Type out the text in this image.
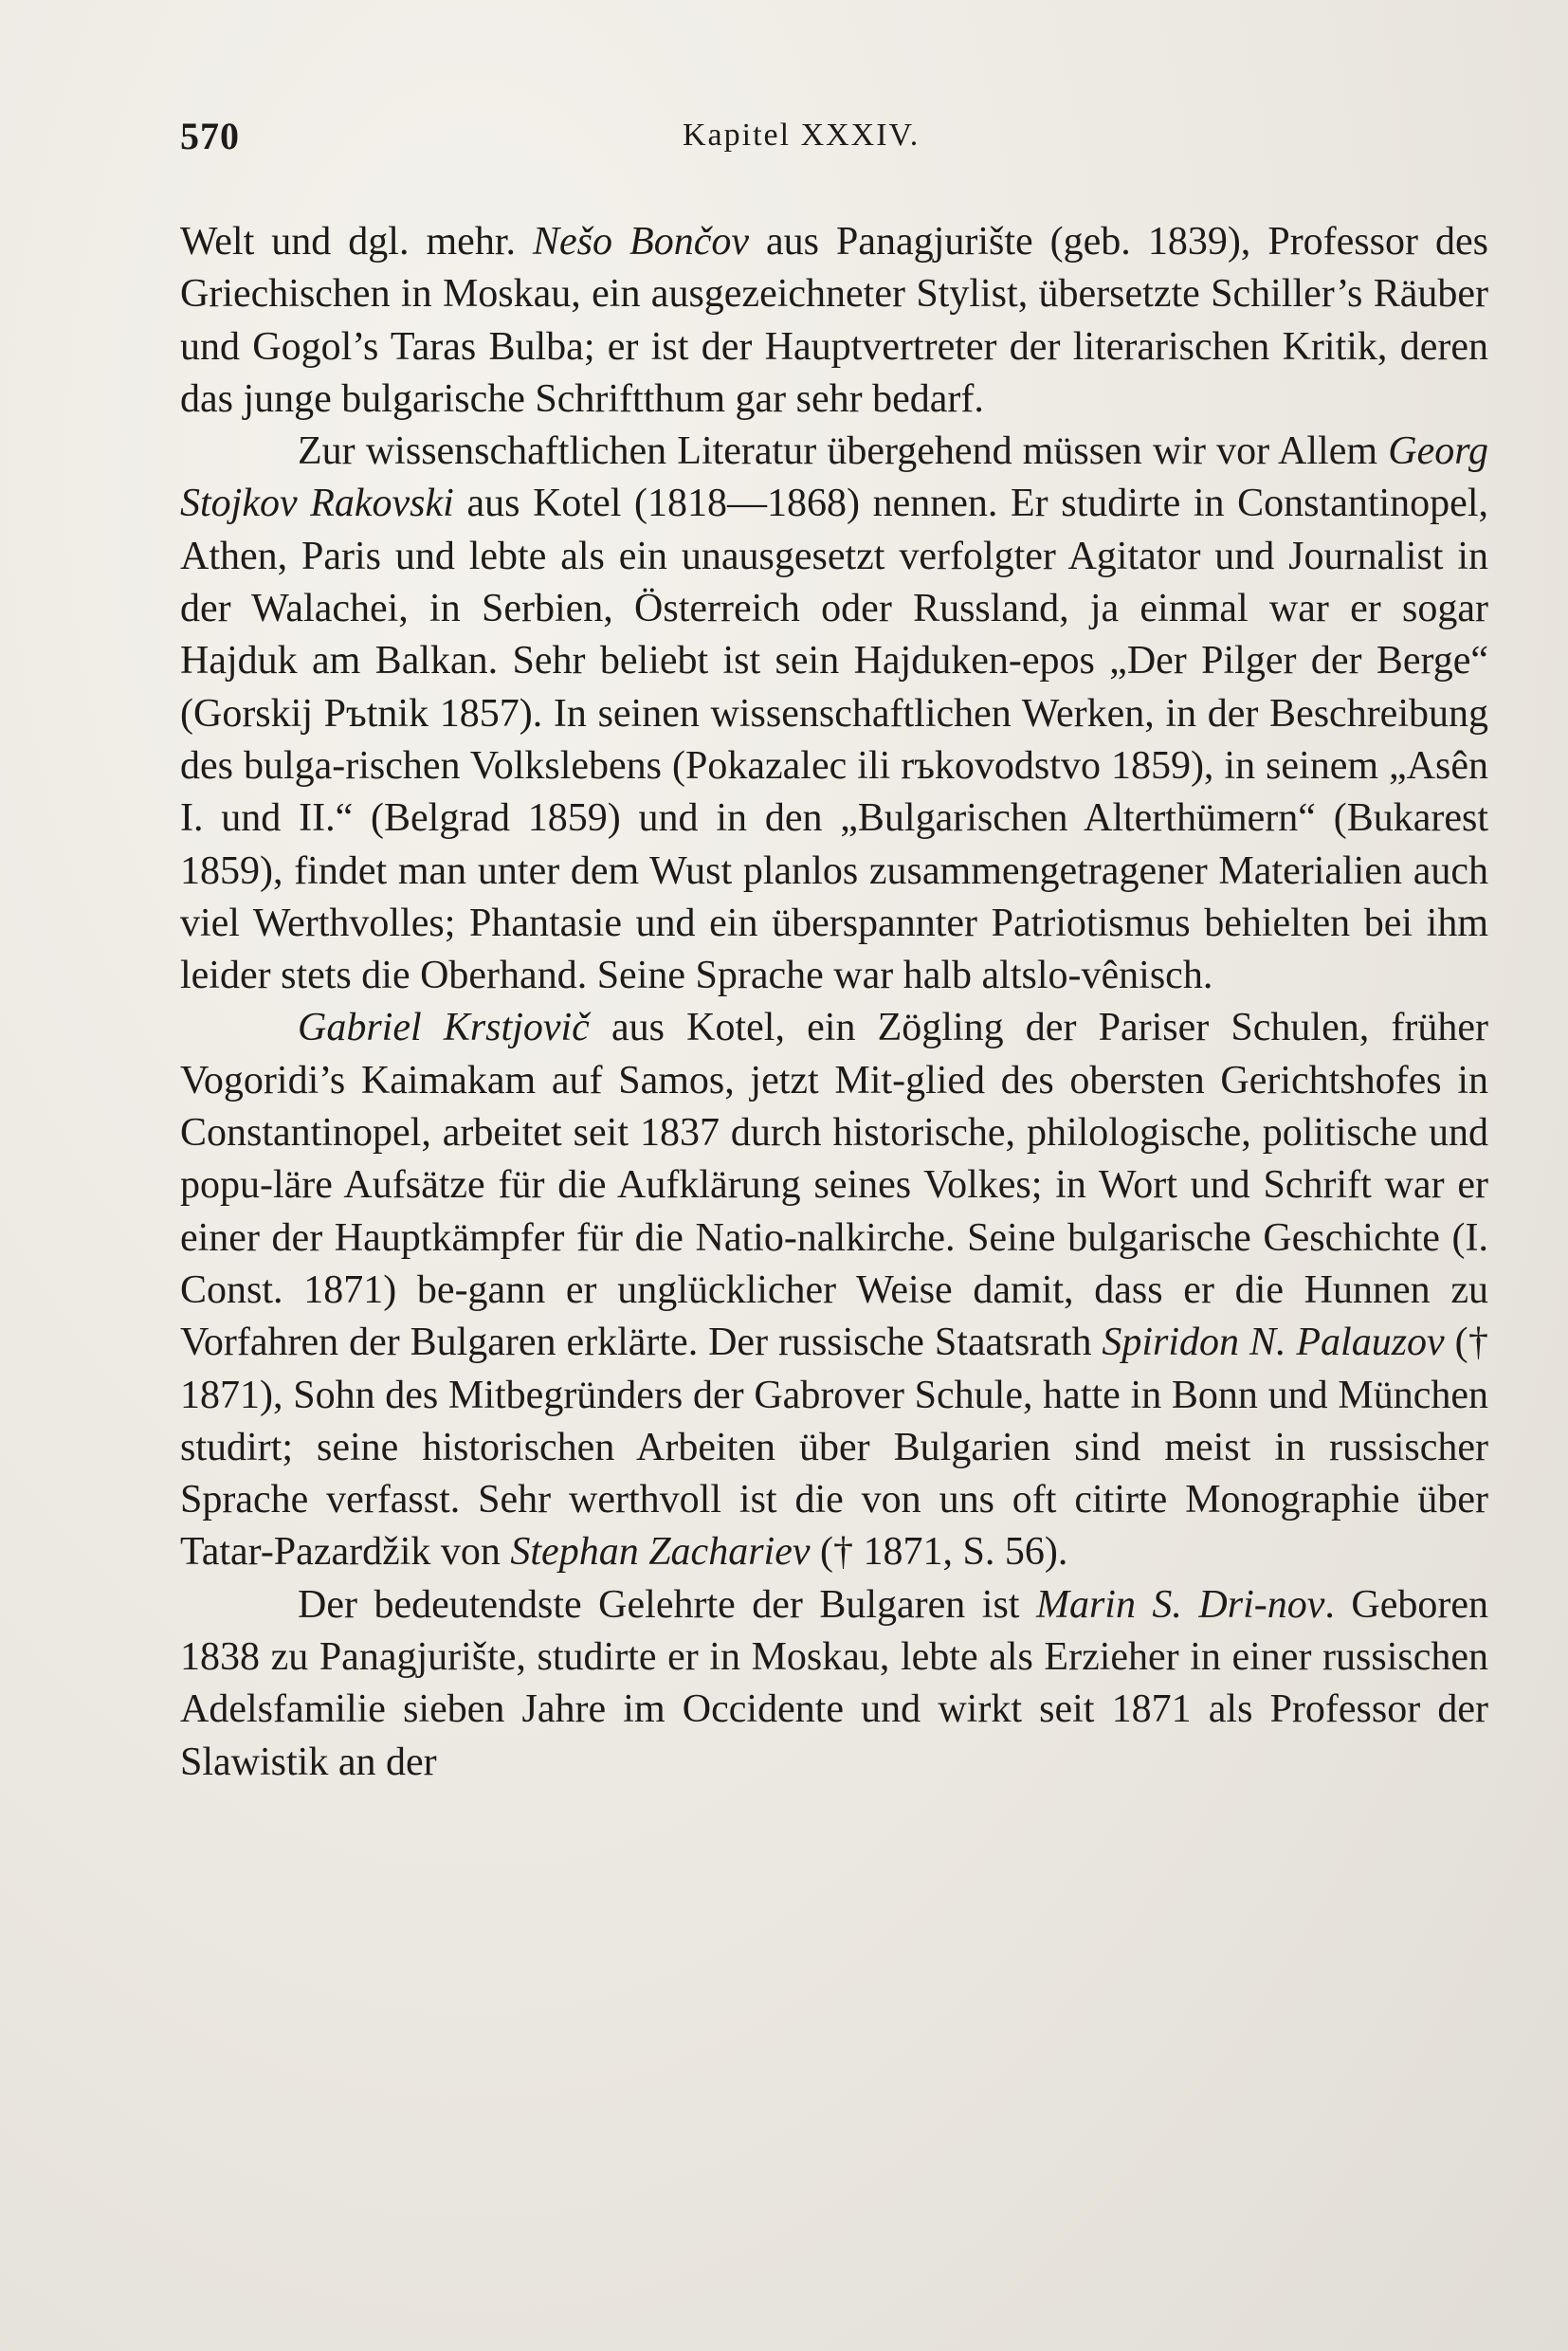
570	Kapitel XXXIV.

Welt und dgl. mehr. Nešo Bončov aus Panagjurište (geb. 1839), Professor des Griechischen in Moskau, ein ausgezeichneter Stylist, übersetzte Schiller’s Räuber und Gogol’s Taras Bulba; er ist der Hauptvertreter der literarischen Kritik, deren das junge bulgarische Schriftthum gar sehr bedarf.

Zur wissenschaftlichen Literatur übergehend müssen wir vor Allem Georg Stojkov Rakovski aus Kotel (1818—1868) nennen. Er studirte in Constantinopel, Athen, Paris und lebte als ein unausgesetzt verfolgter Agitator und Journalist in der Walachei, in Serbien, Österreich oder Russland, ja einmal war er sogar Hajduk am Balkan. Sehr beliebt ist sein Hajduken-epos „Der Pilger der Berge“ (Gorskij Pъtnik 1857). In seinen wissenschaftlichen Werken, in der Beschreibung des bulga-rischen Volkslebens (Pokazalec ili rъkovodstvo 1859), in seinem „Asên I. und II.“ (Belgrad 1859) und in den „Bulgarischen Alterthümern“ (Bukarest 1859), findet man unter dem Wust planlos zusammengetragener Materialien auch viel Werthvolles; Phantasie und ein überspannter Patriotismus behielten bei ihm leider stets die Oberhand. Seine Sprache war halb altslo-vênisch.

Gabriel Krstjovič aus Kotel, ein Zögling der Pariser Schulen, früher Vogoridi’s Kaimakam auf Samos, jetzt Mit-glied des obersten Gerichtshofes in Constantinopel, arbeitet seit 1837 durch historische, philologische, politische und popu-läre Aufsätze für die Aufklärung seines Volkes; in Wort und Schrift war er einer der Hauptkämpfer für die Natio-nalkirche. Seine bulgarische Geschichte (I. Const. 1871) be-gann er unglücklicher Weise damit, dass er die Hunnen zu Vorfahren der Bulgaren erklärte. Der russische Staatsrath Spiridon N. Palauzov († 1871), Sohn des Mitbegründers der Gabrover Schule, hatte in Bonn und München studirt; seine historischen Arbeiten über Bulgarien sind meist in russischer Sprache verfasst. Sehr werthvoll ist die von uns oft citirte Monographie über Tatar-Pazardžik von Stephan Zachariev († 1871, S. 56).

Der bedeutendste Gelehrte der Bulgaren ist Marin S. Dri-nov. Geboren 1838 zu Panagjurište, studirte er in Moskau, lebte als Erzieher in einer russischen Adelsfamilie sieben Jahre im Occidente und wirkt seit 1871 als Professor der Slawistik an der
